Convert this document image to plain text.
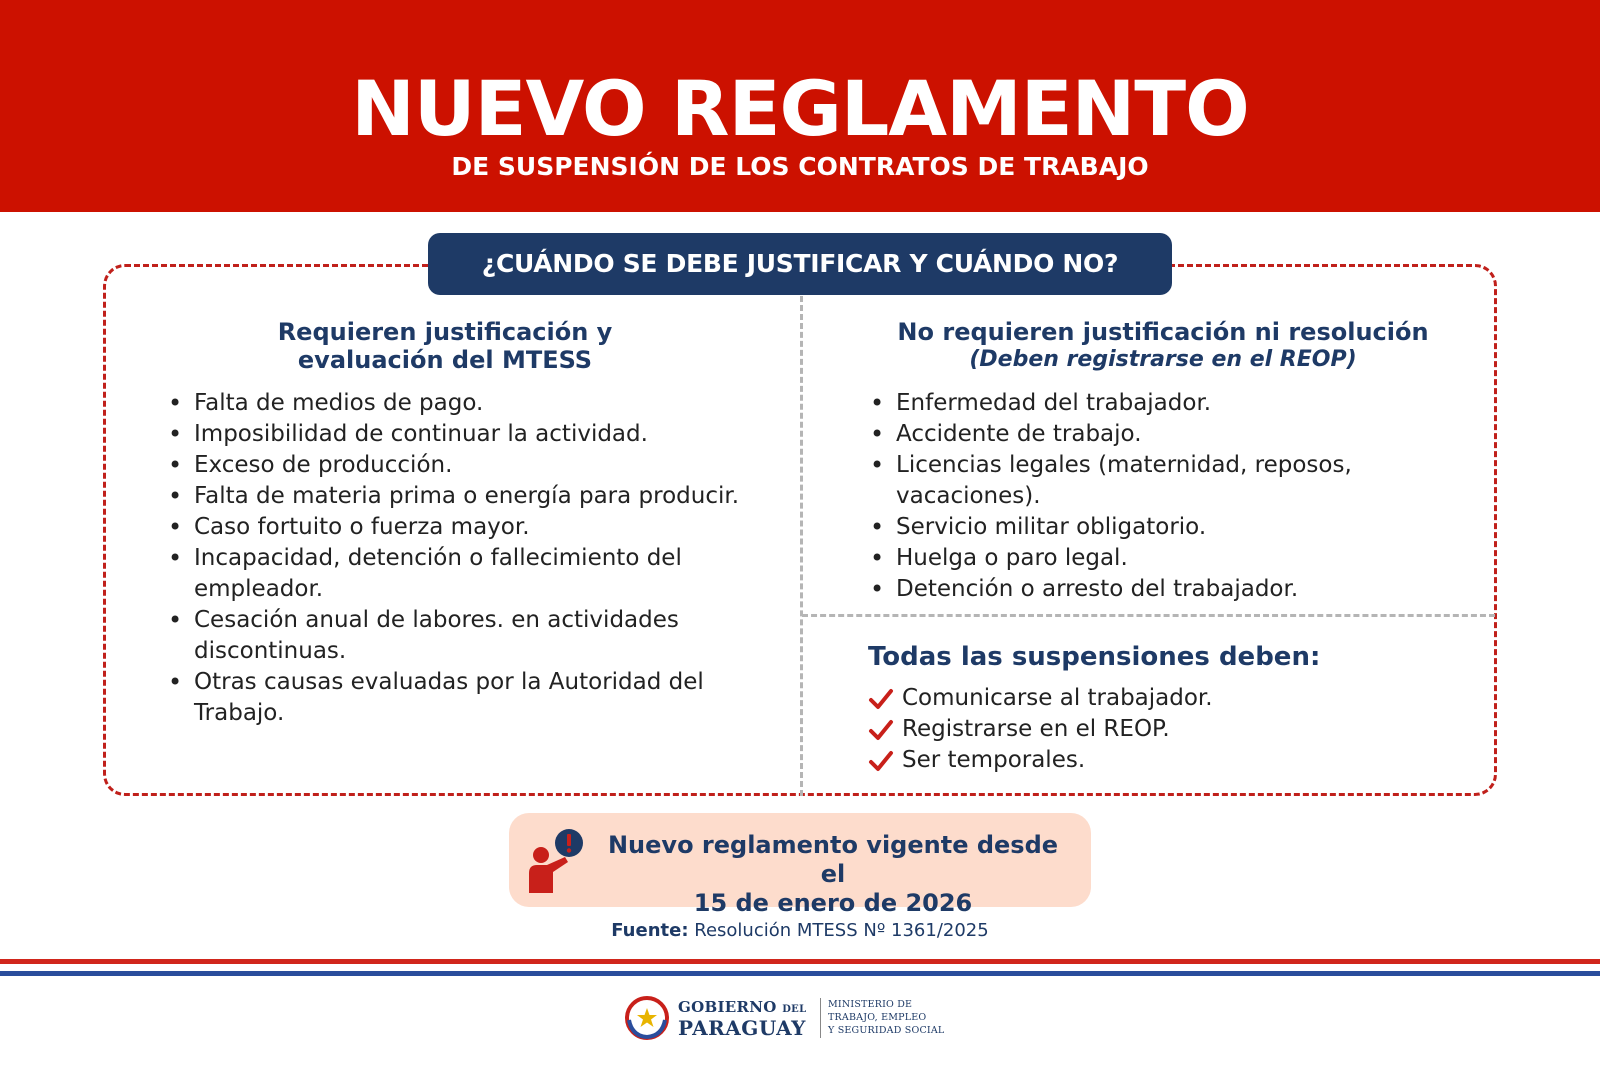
NUEVO REGLAMENTO
DE SUSPENSIÓN DE LOS CONTRATOS DE TRABAJO
¿CUÁNDO SE DEBE JUSTIFICAR Y CUÁNDO NO?
Requieren justificación y
evaluación del MTESS
• Falta de medios de pago.
• Imposibilidad de continuar la actividad.
• Exceso de producción.
• Falta de materia prima o energía para producir.
• Caso fortuito o fuerza mayor.
• Incapacidad, detención o fallecimiento del empleador.
• Cesación anual de labores. en actividades discontinuas.
• Otras causas evaluadas por la Autoridad del Trabajo.
No requieren justificación ni resolución
(Deben registrarse en el REOP)
• Enfermedad del trabajador.
• Accidente de trabajo.
• Licencias legales (maternidad, reposos, vacaciones).
• Servicio militar obligatorio.
• Huelga o paro legal.
• Detención o arresto del trabajador.
Todas las suspensiones deben:
Comunicarse al trabajador.
Registrarse en el REOP.
Ser temporales.
Nuevo reglamento vigente desde el
15 de enero de 2026
Fuente: Resolución MTESS Nº 1361/2025
GOBIERNO DEL
PARAGUAY
MINISTERIO DE
TRABAJO, EMPLEO
Y SEGURIDAD SOCIAL
